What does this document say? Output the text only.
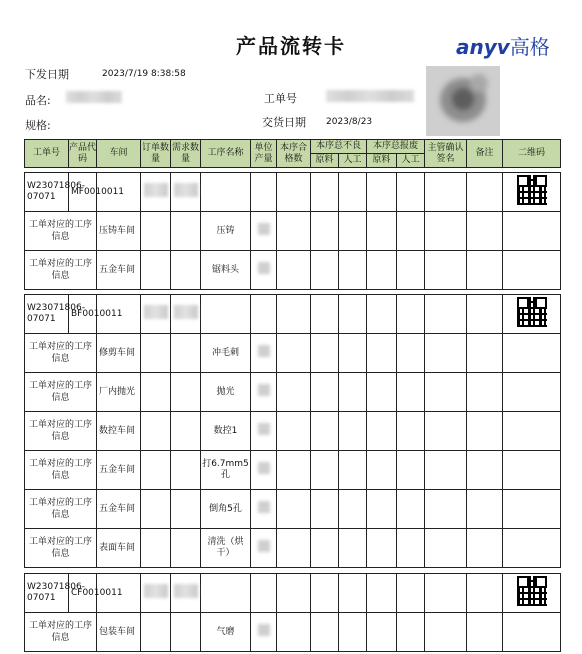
产品流转卡	anyv高格
下发日期	2023/7/19 8:38:58
品名:	工单号
规格:	交货日期 2023/8/23
工单号	产品代码	车间	订单数量	需求数量	工序名称	单位产量	本序合格数	本序总不良		本序总报废		主管确认签名	备注	二维码
								原料	人工	原料	人工			
W23071806-07071	MF0010011													
工单对应的工序信息		压铸车间			压铸									
工单对应的工序信息		五金车间			锯料头									
W23071806-07071	BF0010011													
工单对应的工序信息		修剪车间			冲毛刺									
工单对应的工序信息		厂内抛光			抛光									
工单对应的工序信息		数控车间			数控1									
工单对应的工序信息		五金车间			打6.7mm5孔									
工单对应的工序信息		五金车间			倒角5孔									
工单对应的工序信息		表面车间			清洗（烘干）									
W23071806-07071	CF0010011													
工单对应的工序信息		包装车间			气磨									
